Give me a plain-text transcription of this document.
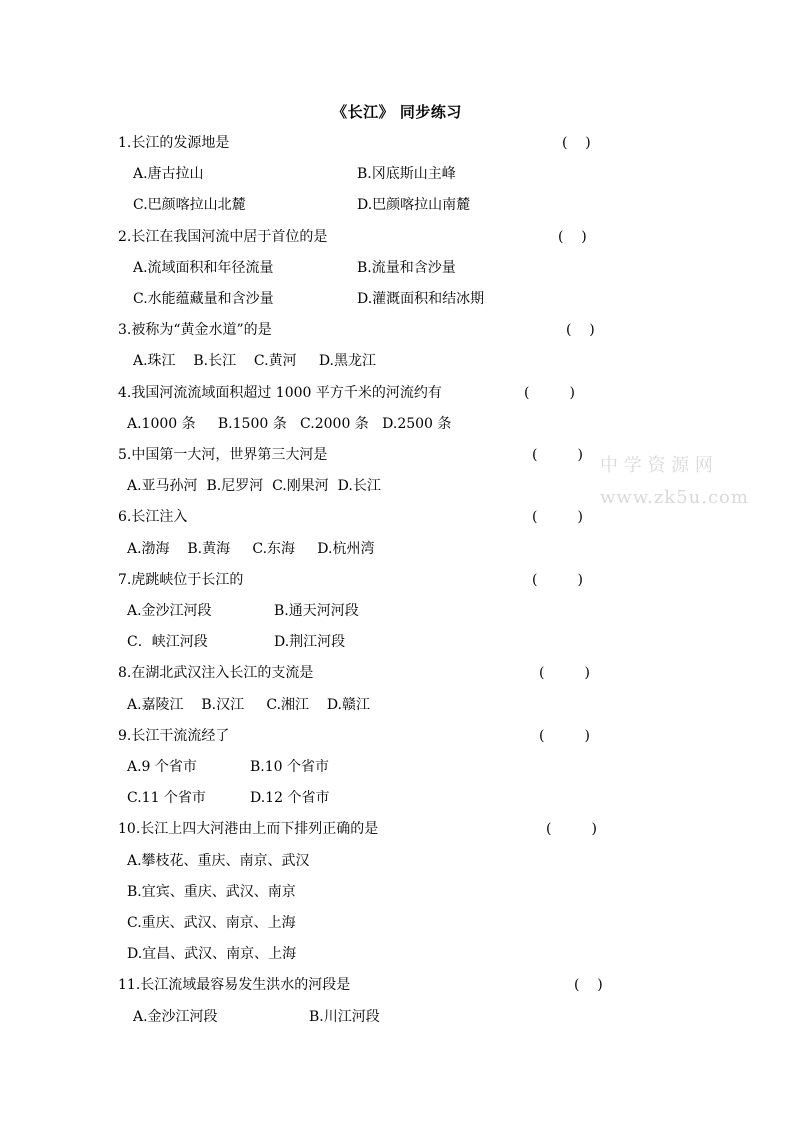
《长江》 同步练习
1.长江的发源地是	(    )
A.唐古拉山	B.冈底斯山主峰
C.巴颜喀拉山北麓	D.巴颜喀拉山南麓
2.长江在我国河流中居于首位的是	(    )
A.流域面积和年径流量	B.流量和含沙量
C.水能蕴藏量和含沙量	D.灌溉面积和结冰期
3.被称为“黄金水道”的是	(    )
A.珠江    B.长江    C.黄河     D.黑龙江
4.我国河流流域面积超过 1000 平方千米的河流约有	(         )
A.1000 条     B.1500 条   C.2000 条   D.2500 条
5.中国第一大河，世界第三大河是	(         )
A.亚马孙河  B.尼罗河  C.刚果河  D.长江
6.长江注入	(         )
A.渤海    B.黄海     C.东海     D.杭州湾
7.虎跳峡位于长江的	(         )
A.金沙江河段	B.通天河河段
C．峡江河段	D.荆江河段
8.在湖北武汉注入长江的支流是	(         )
A.嘉陵江    B.汉江     C.湘江    D.赣江
9.长江干流流经了	(         )
A.9 个省市	B.10 个省市
C.11 个省市	D.12 个省市
10.长江上四大河港由上而下排列正确的是	(         )
A.攀枝花、重庆、南京、武汉
B.宜宾、重庆、武汉、南京
C.重庆、武汉、南京、上海
D.宜昌、武汉、南京、上海
11.长江流域最容易发生洪水的河段是	(    )
A.金沙江河段	B.川江河段
中 学 资 源 网
www.zk5u.com
